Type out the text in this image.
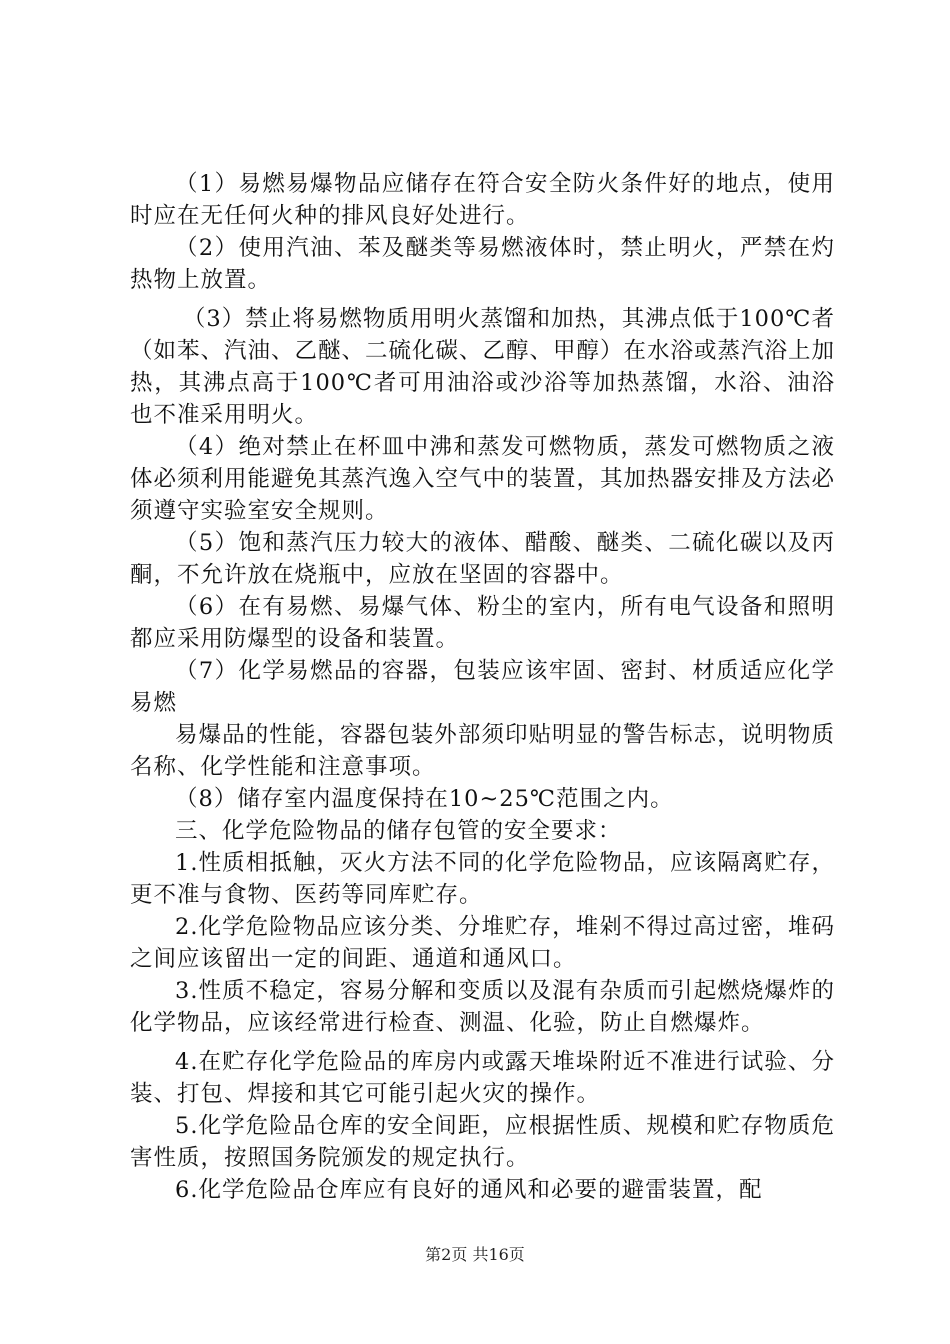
（1）易燃易爆物品应储存在符合安全防火条件好的地点，使用时应在无任何火种的排风良好处进行。

（2）使用汽油、苯及醚类等易燃液体时，禁止明火，严禁在灼热物上放置。

（3）禁止将易燃物质用明火蒸馏和加热，其沸点低于100℃者（如苯、汽油、乙醚、二硫化碳、乙醇、甲醇）在水浴或蒸汽浴上加热，其沸点高于100℃者可用油浴或沙浴等加热蒸馏，水浴、油浴也不准采用明火。

（4）绝对禁止在杯皿中沸和蒸发可燃物质，蒸发可燃物质之液体必须利用能避免其蒸汽逸入空气中的装置，其加热器安排及方法必须遵守实验室安全规则。

（5）饱和蒸汽压力较大的液体、醋酸、醚类、二硫化碳以及丙酮，不允许放在烧瓶中，应放在坚固的容器中。

（6）在有易燃、易爆气体、粉尘的室内，所有电气设备和照明都应采用防爆型的设备和装置。

（7）化学易燃品的容器，包装应该牢固、密封、材质适应化学易燃

易爆品的性能，容器包装外部须印贴明显的警告标志，说明物质名称、化学性能和注意事项。

（8）储存室内温度保持在10~25℃范围之内。

三、化学危险物品的储存包管的安全要求：

1.性质相抵触，灭火方法不同的化学危险物品，应该隔离贮存，更不准与食物、医药等同库贮存。

2.化学危险物品应该分类、分堆贮存，堆剁不得过高过密，堆码之间应该留出一定的间距、通道和通风口。

3.性质不稳定，容易分解和变质以及混有杂质而引起燃烧爆炸的化学物品，应该经常进行检查、测温、化验，防止自燃爆炸。

4.在贮存化学危险品的库房内或露天堆垛附近不准进行试验、分装、打包、焊接和其它可能引起火灾的操作。

5.化学危险品仓库的安全间距，应根据性质、规模和贮存物质危害性质，按照国务院颁发的规定执行。

6.化学危险品仓库应有良好的通风和必要的避雷装置，配

第2页 共16页
